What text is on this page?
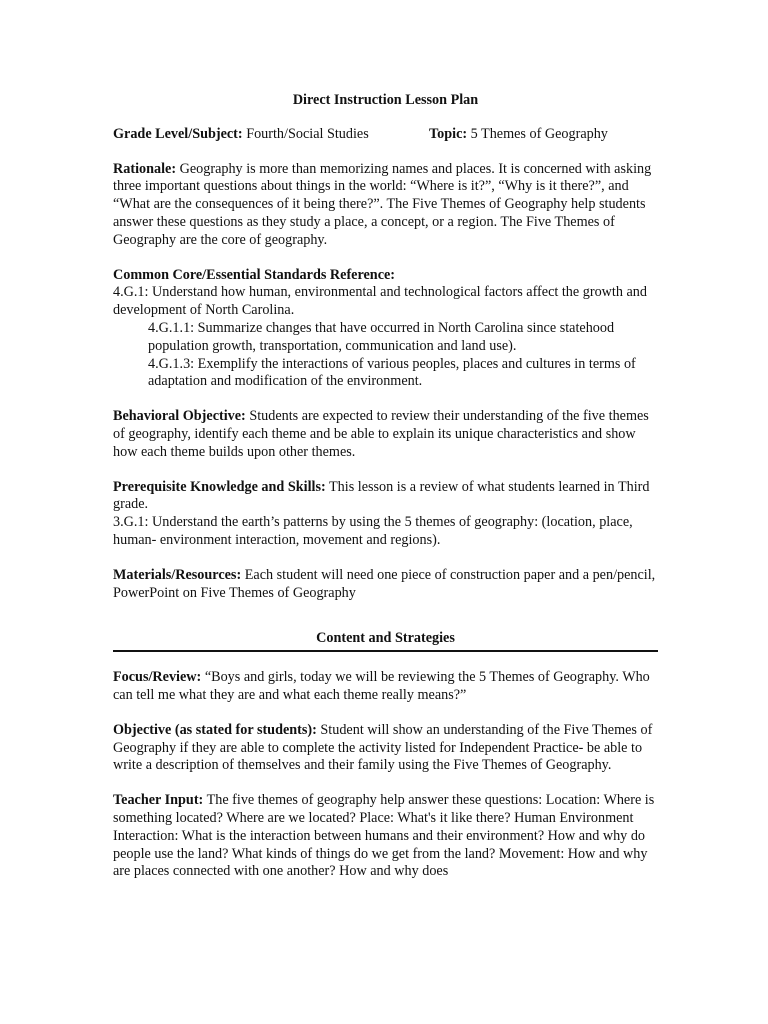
Direct Instruction Lesson Plan

Grade Level/Subject: Fourth/Social Studies	Topic: 5 Themes of Geography

Rationale: Geography is more than memorizing names and places. It is concerned with asking three important questions about things in the world: “Where is it?”, “Why is it there?”, and “What are the consequences of it being there?”. The Five Themes of Geography help students answer these questions as they study a place, a concept, or a region. The Five Themes of Geography are the core of geography.

Common Core/Essential Standards Reference:

4.G.1: Understand how human, environmental and technological factors affect the growth and development of North Carolina.

4.G.1.1: Summarize changes that have occurred in North Carolina since statehood population growth, transportation, communication and land use).

4.G.1.3: Exemplify the interactions of various peoples, places and cultures in terms of adaptation and modification of the environment.

Behavioral Objective: Students are expected to review their understanding of the five themes of geography, identify each theme and be able to explain its unique characteristics and show how each theme builds upon other themes.

Prerequisite Knowledge and Skills: This lesson is a review of what students learned in Third grade.

3.G.1: Understand the earth’s patterns by using the 5 themes of geography: (location, place, human- environment interaction, movement and regions).

Materials/Resources: Each student will need one piece of construction paper and a pen/pencil, PowerPoint on Five Themes of Geography

Content and Strategies

Focus/Review: “Boys and girls, today we will be reviewing the 5 Themes of Geography. Who can tell me what they are and what each theme really means?”

Objective (as stated for students): Student will show an understanding of the Five Themes of Geography if they are able to complete the activity listed for Independent Practice- be able to write a description of themselves and their family using the Five Themes of Geography.

Teacher Input: The five themes of geography help answer these questions: Location: Where is something located? Where are we located? Place: What's it like there? Human Environment Interaction: What is the interaction between humans and their environment? How and why do people use the land? What kinds of things do we get from the land? Movement: How and why are places connected with one another? How and why does
